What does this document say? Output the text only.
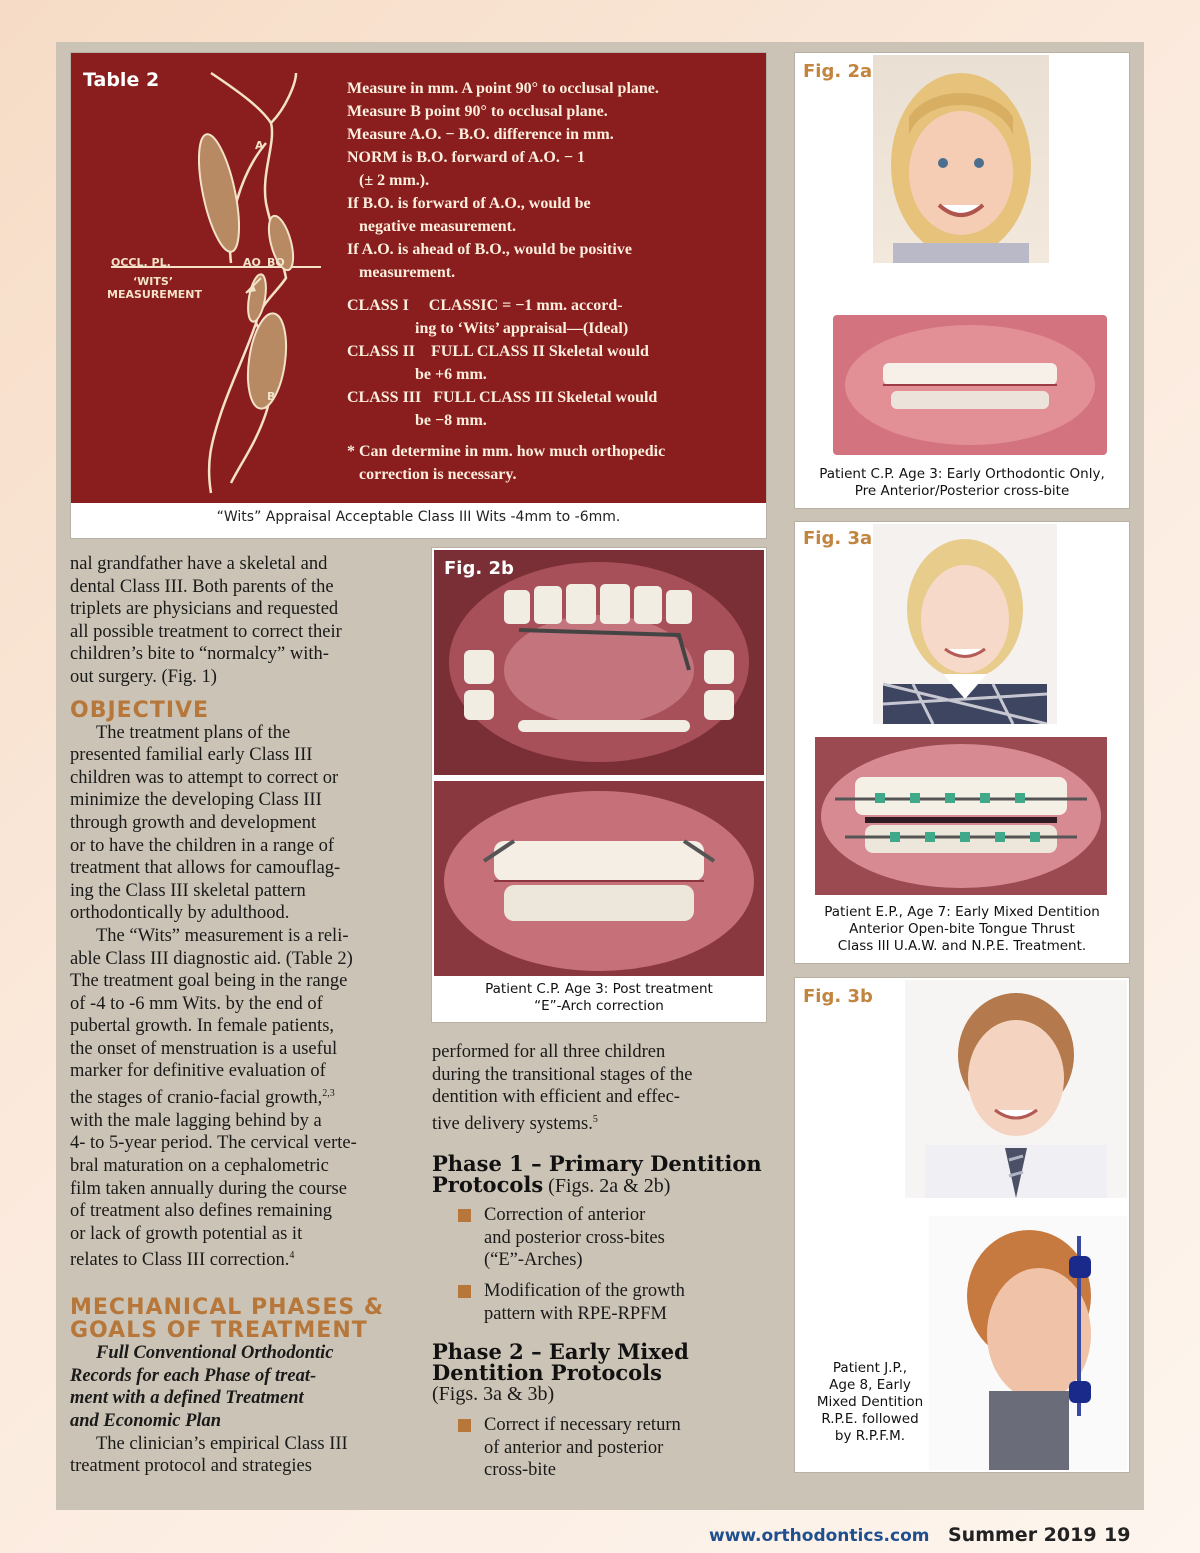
Table 2
OCCL. PL.
‘WITS’
MEASUREMENT
A
B
AO BO
Measure in mm. A point 90° to occlusal plane.
Measure B point 90° to occlusal plane.
Measure A.O. − B.O. difference in mm.
NORM is B.O. forward of A.O. − 1
(± 2 mm.).
If B.O. is forward of A.O., would be
negative measurement.
If A.O. is ahead of B.O., would be positive
measurement.
CLASS I     CLASSIC = −1 mm. accord-
ing to ‘Wits’ appraisal—(Ideal)
CLASS II    FULL CLASS II Skeletal would
be +6 mm.
CLASS III   FULL CLASS III Skeletal would
be −8 mm.
* Can determine in mm. how much orthopedic
correction is necessary.
“Wits” Appraisal Acceptable Class III Wits -4mm to -6mm.
Fig. 2a
Patient C.P. Age 3: Early Orthodontic Only,
Pre Anterior/Posterior cross-bite
Fig. 2b
Patient C.P. Age 3: Post treatment
“E”-Arch correction
Fig. 3a
Patient E.P., Age 7: Early Mixed Dentition
Anterior Open-bite Tongue Thrust
Class III U.A.W. and N.P.E. Treatment.
Fig. 3b
Patient J.P.,
Age 8, Early
Mixed Dentition
R.P.E. followed
by R.P.F.M.

nal grandfather have a skeletal and

dental Class III. Both parents of the

triplets are physicians and requested

all possible treatment to correct their

children’s bite to “normalcy” with-

out surgery. (Fig. 1)

OBJECTIVE

The treatment plans of the

presented familial early Class III

children was to attempt to correct or

minimize the developing Class III

through growth and development

or to have the children in a range of

treatment that allows for camouflag-

ing the Class III skeletal pattern

orthodontically by adulthood.

The “Wits” measurement is a reli-

able Class III diagnostic aid. (Table 2)

The treatment goal being in the range

of -4 to -6 mm Wits. by the end of

pubertal growth. In female patients,

the onset of menstruation is a useful

marker for definitive evaluation of

the stages of cranio-facial growth,$^{2,3}$

with the male lagging behind by a

4- to 5-year period. The cervical verte-

bral maturation on a cephalometric

film taken annually during the course

of treatment also defines remaining

or lack of growth potential as it

relates to Class III correction.$^4$

MECHANICAL PHASES &
GOALS OF TREATMENT

Full Conventional Orthodontic

Records for each Phase of treat-

ment with a defined Treatment

and Economic Plan

The clinician’s empirical Class III

treatment protocol and strategies

performed for all three children

during the transitional stages of the

dentition with efficient and effec-

tive delivery systems.$^5$

Phase 1 – Primary Dentition
Protocols (Figs. 2a & 2b)
Correction of anterior
and posterior cross-bites
(“E”-Arches)
Modification of the growth
pattern with RPE-RPFM
Phase 2 – Early Mixed
Dentition Protocols
(Figs. 3a & 3b)
Correct if necessary return
of anterior and posterior
cross-bite
www.orthodontics.com Summer 2019 19
